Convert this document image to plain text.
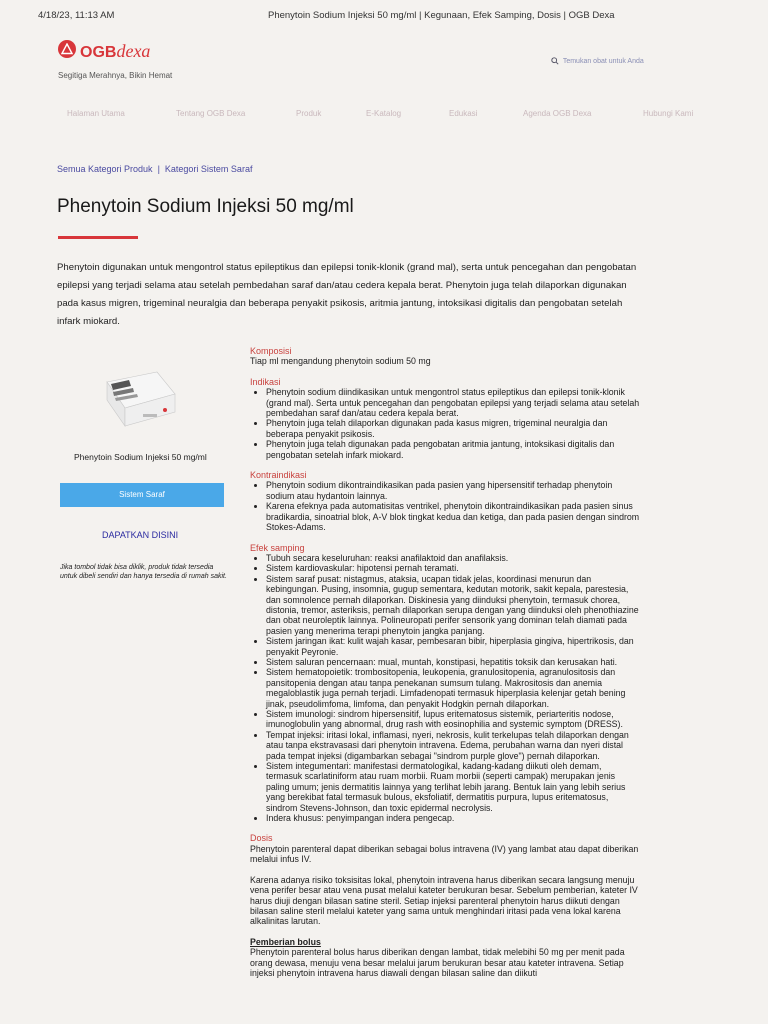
4/18/23, 11:13 AM	Phenytoin Sodium Injeksi 50 mg/ml | Kegunaan, Efek Samping, Dosis | OGB Dexa
OGBdexa
Segitiga Merahnya, Bikin Hemat
Temukan obat untuk Anda
Halaman Utama	Tentang OGB Dexa	Produk	E-Katalog	Edukasi	Agenda OGB Dexa	Hubungi Kami
Semua Kategori Produk | Kategori Sistem Saraf
Phenytoin Sodium Injeksi 50 mg/ml

Phenytoin digunakan untuk mengontrol status epileptikus dan epilepsi tonik-klonik (grand mal), serta untuk pencegahan dan pengobatan epilepsi yang terjadi selama atau setelah pembedahan saraf dan/atau cedera kepala berat. Phenytoin juga telah dilaporkan digunakan pada kasus migren, trigeminal neuralgia dan beberapa penyakit psikosis, aritmia jantung, intoksikasi digitalis dan pengobatan setelah infark miokard.

Phenytoin Sodium Injeksi 50 mg/ml
Sistem Saraf
DAPATKAN DISINI

Jika tombol tidak bisa diklik, produk tidak tersedia untuk dibeli sendiri dan hanya tersedia di rumah sakit.

Komposisi

Tiap ml mengandung phenytoin sodium 50 mg

Indikasi

• Phenytoin sodium diindikasikan untuk mengontrol status epileptikus dan epilepsi tonik-klonik (grand mal). Serta untuk pencegahan dan pengobatan epilepsi yang terjadi selama atau setelah pembedahan saraf dan/atau cedera kepala berat.
• Phenytoin juga telah dilaporkan digunakan pada kasus migren, trigeminal neuralgia dan beberapa penyakit psikosis.
• Phenytoin juga telah digunakan pada pengobatan aritmia jantung, intoksikasi digitalis dan pengobatan setelah infark miokard.

Kontraindikasi

• Phenytoin sodium dikontraindikasikan pada pasien yang hipersensitif terhadap phenytoin sodium atau hydantoin lainnya.
• Karena efeknya pada automatisitas ventrikel, phenytoin dikontraindikasikan pada pasien sinus bradikardia, sinoatrial blok, A-V blok tingkat kedua dan ketiga, dan pada pasien dengan sindrom Stokes-Adams.

Efek samping

• Tubuh secara keseluruhan: reaksi anafilaktoid dan anafilaksis.
• Sistem kardiovaskular: hipotensi pernah teramati.
• Sistem saraf pusat: nistagmus, ataksia, ucapan tidak jelas, koordinasi menurun dan kebingungan. Pusing, insomnia, gugup sementara, kedutan motorik, sakit kepala, parestesia, dan somnolence pernah dilaporkan. Diskinesia yang diinduksi phenytoin, termasuk chorea, distonia, tremor, asteriksis, pernah dilaporkan serupa dengan yang diinduksi oleh phenothiazine dan obat neuroleptik lainnya. Polineuropati perifer sensorik yang dominan telah diamati pada pasien yang menerima terapi phenytoin jangka panjang.
• Sistem jaringan ikat: kulit wajah kasar, pembesaran bibir, hiperplasia gingiva, hipertrikosis, dan penyakit Peyronie.
• Sistem saluran pencernaan: mual, muntah, konstipasi, hepatitis toksik dan kerusakan hati.
• Sistem hematopoietik: trombositopenia, leukopenia, granulositopenia, agranulositosis dan pansitopenia dengan atau tanpa penekanan sumsum tulang. Makrositosis dan anemia megaloblastik juga pernah terjadi. Limfadenopati termasuk hiperplasia kelenjar getah bening jinak, pseudolimfoma, limfoma, dan penyakit Hodgkin pernah dilaporkan.
• Sistem imunologi: sindrom hipersensitif, lupus eritematosus sistemik, periarteritis nodose, imunoglobulin yang abnormal, drug rash with eosinophilia and systemic symptom (DRESS).
• Tempat injeksi: iritasi lokal, inflamasi, nyeri, nekrosis, kulit terkelupas telah dilaporkan dengan atau tanpa ekstravasasi dari phenytoin intravena. Edema, perubahan warna dan nyeri distal pada tempat injeksi (digambarkan sebagai "sindrom purple glove") pernah dilaporkan.
• Sistem integumentari: manifestasi dermatologikal, kadang-kadang diikuti oleh demam, termasuk scarlatiniform atau ruam morbii. Ruam morbii (seperti campak) merupakan jenis paling umum; jenis dermatitis lainnya yang terlihat lebih jarang. Bentuk lain yang lebih serius yang berekibat fatal termasuk bulous, eksfoliatif, dermatitis purpura, lupus eritematosus, sindrom Stevens-Johnson, dan toxic epidermal necrolysis.
• Indera khusus: penyimpangan indera pengecap.

Dosis

Phenytoin parenteral dapat diberikan sebagai bolus intravena (IV) yang lambat atau dapat diberikan melalui infus IV.

Karena adanya risiko toksisitas lokal, phenytoin intravena harus diberikan secara langsung menuju vena perifer besar atau vena pusat melalui kateter berukuran besar. Sebelum pemberian, kateter IV harus diuji dengan bilasan satine steril. Setiap injeksi parenteral phenytoin harus diikuti dengan bilasan saline steril melalui kateter yang sama untuk menghindari iritasi pada vena lokal karena alkalinitas larutan.

Pemberian bolus

Phenytoin parenteral bolus harus diberikan dengan lambat, tidak melebihi 50 mg per menit pada orang dewasa, menuju vena besar melalui jarum berukuran besar atau kateter intravena. Setiap injeksi phenytoin intravena harus diawali dengan bilasan saline dan diikuti
